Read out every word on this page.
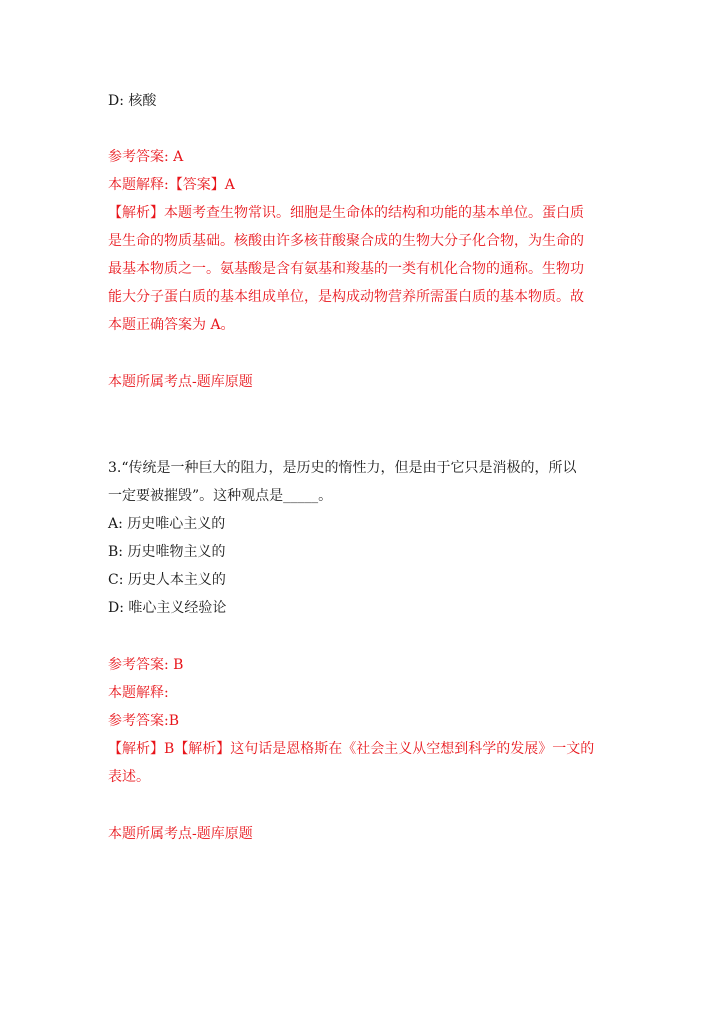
D: 核酸
参考答案: A
本题解释:【答案】A
【解析】本题考查生物常识。细胞是生命体的结构和功能的基本单位。蛋白质
是生命的物质基础。核酸由许多核苷酸聚合成的生物大分子化合物，为生命的
最基本物质之一。氨基酸是含有氨基和羧基的一类有机化合物的通称。生物功
能大分子蛋白质的基本组成单位，是构成动物营养所需蛋白质的基本物质。故
本题正确答案为 A。
本题所属考点-题库原题
3.“传统是一种巨大的阻力，是历史的惰性力，但是由于它只是消极的，所以
一定要被摧毁”。这种观点是_____。
A: 历史唯心主义的
B: 历史唯物主义的
C: 历史人本主义的
D: 唯心主义经验论
参考答案: B
本题解释:
参考答案:B
【解析】B【解析】这句话是恩格斯在《社会主义从空想到科学的发展》一文的
表述。
本题所属考点-题库原题
